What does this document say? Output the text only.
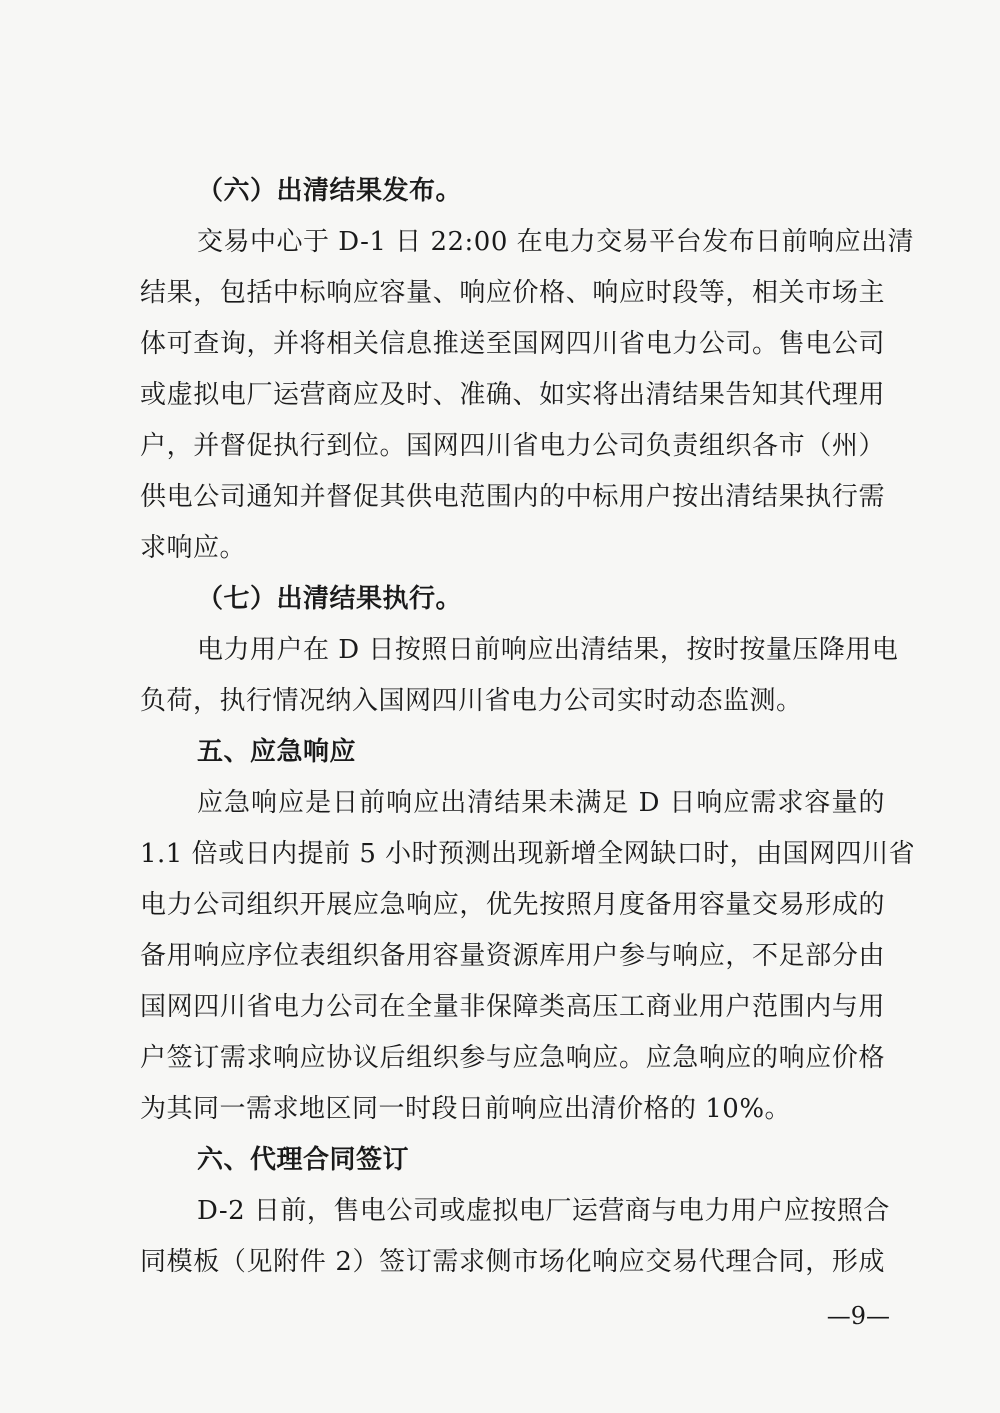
（六）出清结果发布。
交易中心于 D-1 日 22:00 在电力交易平台发布日前响应出清
结果，包括中标响应容量、响应价格、响应时段等，相关市场主
体可查询，并将相关信息推送至国网四川省电力公司。售电公司
或虚拟电厂运营商应及时、准确、如实将出清结果告知其代理用
户，并督促执行到位。国网四川省电力公司负责组织各市（州）
供电公司通知并督促其供电范围内的中标用户按出清结果执行需
求响应。
（七）出清结果执行。
电力用户在 D 日按照日前响应出清结果，按时按量压降用电
负荷，执行情况纳入国网四川省电力公司实时动态监测。
五、应急响应
应急响应是日前响应出清结果未满足 D 日响应需求容量的
1.1 倍或日内提前 5 小时预测出现新增全网缺口时，由国网四川省
电力公司组织开展应急响应，优先按照月度备用容量交易形成的
备用响应序位表组织备用容量资源库用户参与响应，不足部分由
国网四川省电力公司在全量非保障类高压工商业用户范围内与用
户签订需求响应协议后组织参与应急响应。应急响应的响应价格
为其同一需求地区同一时段日前响应出清价格的 10%。
六、代理合同签订
D-2 日前，售电公司或虚拟电厂运营商与电力用户应按照合
同模板（见附件 2）签订需求侧市场化响应交易代理合同，形成
—9—
